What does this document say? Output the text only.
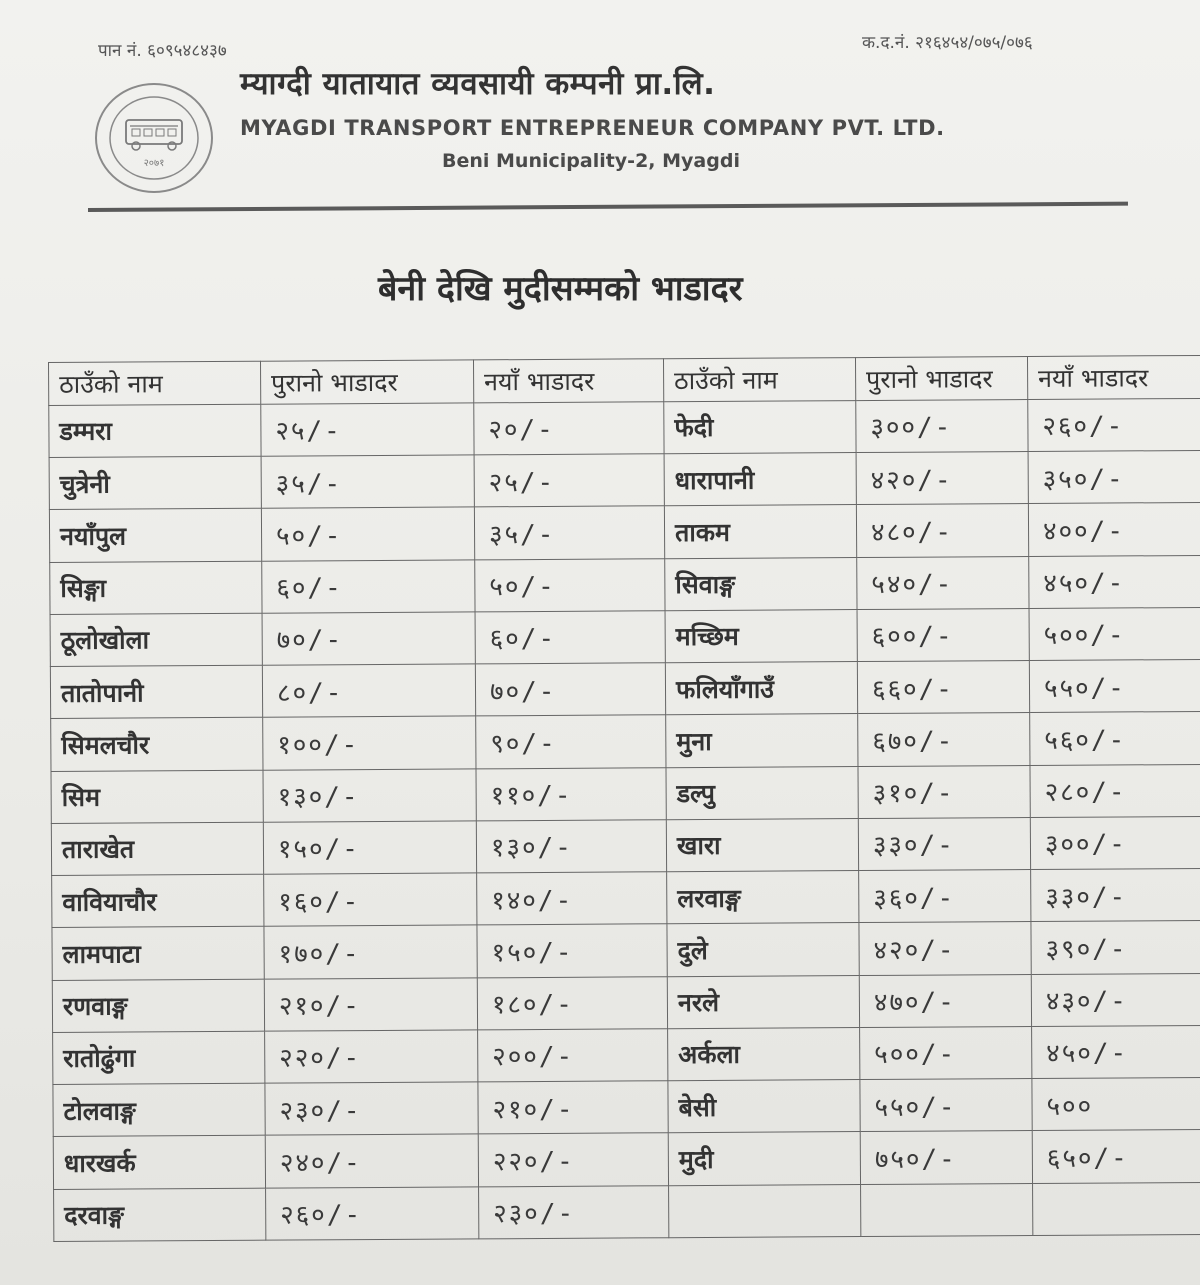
पान नं. ६०९५४८४३७	क.द.नं. २१६४५४/०७५/०७६
२०७१
म्याग्दी यातायात व्यवसायी कम्पनी प्रा.लि.
MYAGDI TRANSPORT ENTREPRENEUR COMPANY PVT. LTD.
Beni Municipality-2, Myagdi
बेनी देखि मुदीसम्मको भाडादर
ठाउँको नाम	पुरानो भाडादर	नयाँ भाडादर	ठाउँको नाम	पुरानो भाडादर	नयाँ भाडादर
डम्मरा	२५/-	२०/-	फेदी	३००/-	२६०/-
चुत्रेनी	३५/-	२५/-	धारापानी	४२०/-	३५०/-
नयाँपुल	५०/-	३५/-	ताकम	४८०/-	४००/-
सिङ्गा	६०/-	५०/-	सिवाङ्ग	५४०/-	४५०/-
ठूलोखोला	७०/-	६०/-	मच्छिम	६००/-	५००/-
तातोपानी	८०/-	७०/-	फलियाँगाउँ	६६०/-	५५०/-
सिमलचौर	१००/-	९०/-	मुना	६७०/-	५६०/-
सिम	१३०/-	११०/-	डल्पु	३१०/-	२८०/-
ताराखेत	१५०/-	१३०/-	खारा	३३०/-	३००/-
वावियाचौर	१६०/-	१४०/-	लरवाङ्ग	३६०/-	३३०/-
लामपाटा	१७०/-	१५०/-	दुले	४२०/-	३९०/-
रणवाङ्ग	२१०/-	१८०/-	नरले	४७०/-	४३०/-
रातोढुंगा	२२०/-	२००/-	अर्कला	५००/-	४५०/-
टोलवाङ्ग	२३०/-	२१०/-	बेसी	५५०/-	५००
धारखर्क	२४०/-	२२०/-	मुदी	७५०/-	६५०/-
दरवाङ्ग	२६०/-	२३०/-			
